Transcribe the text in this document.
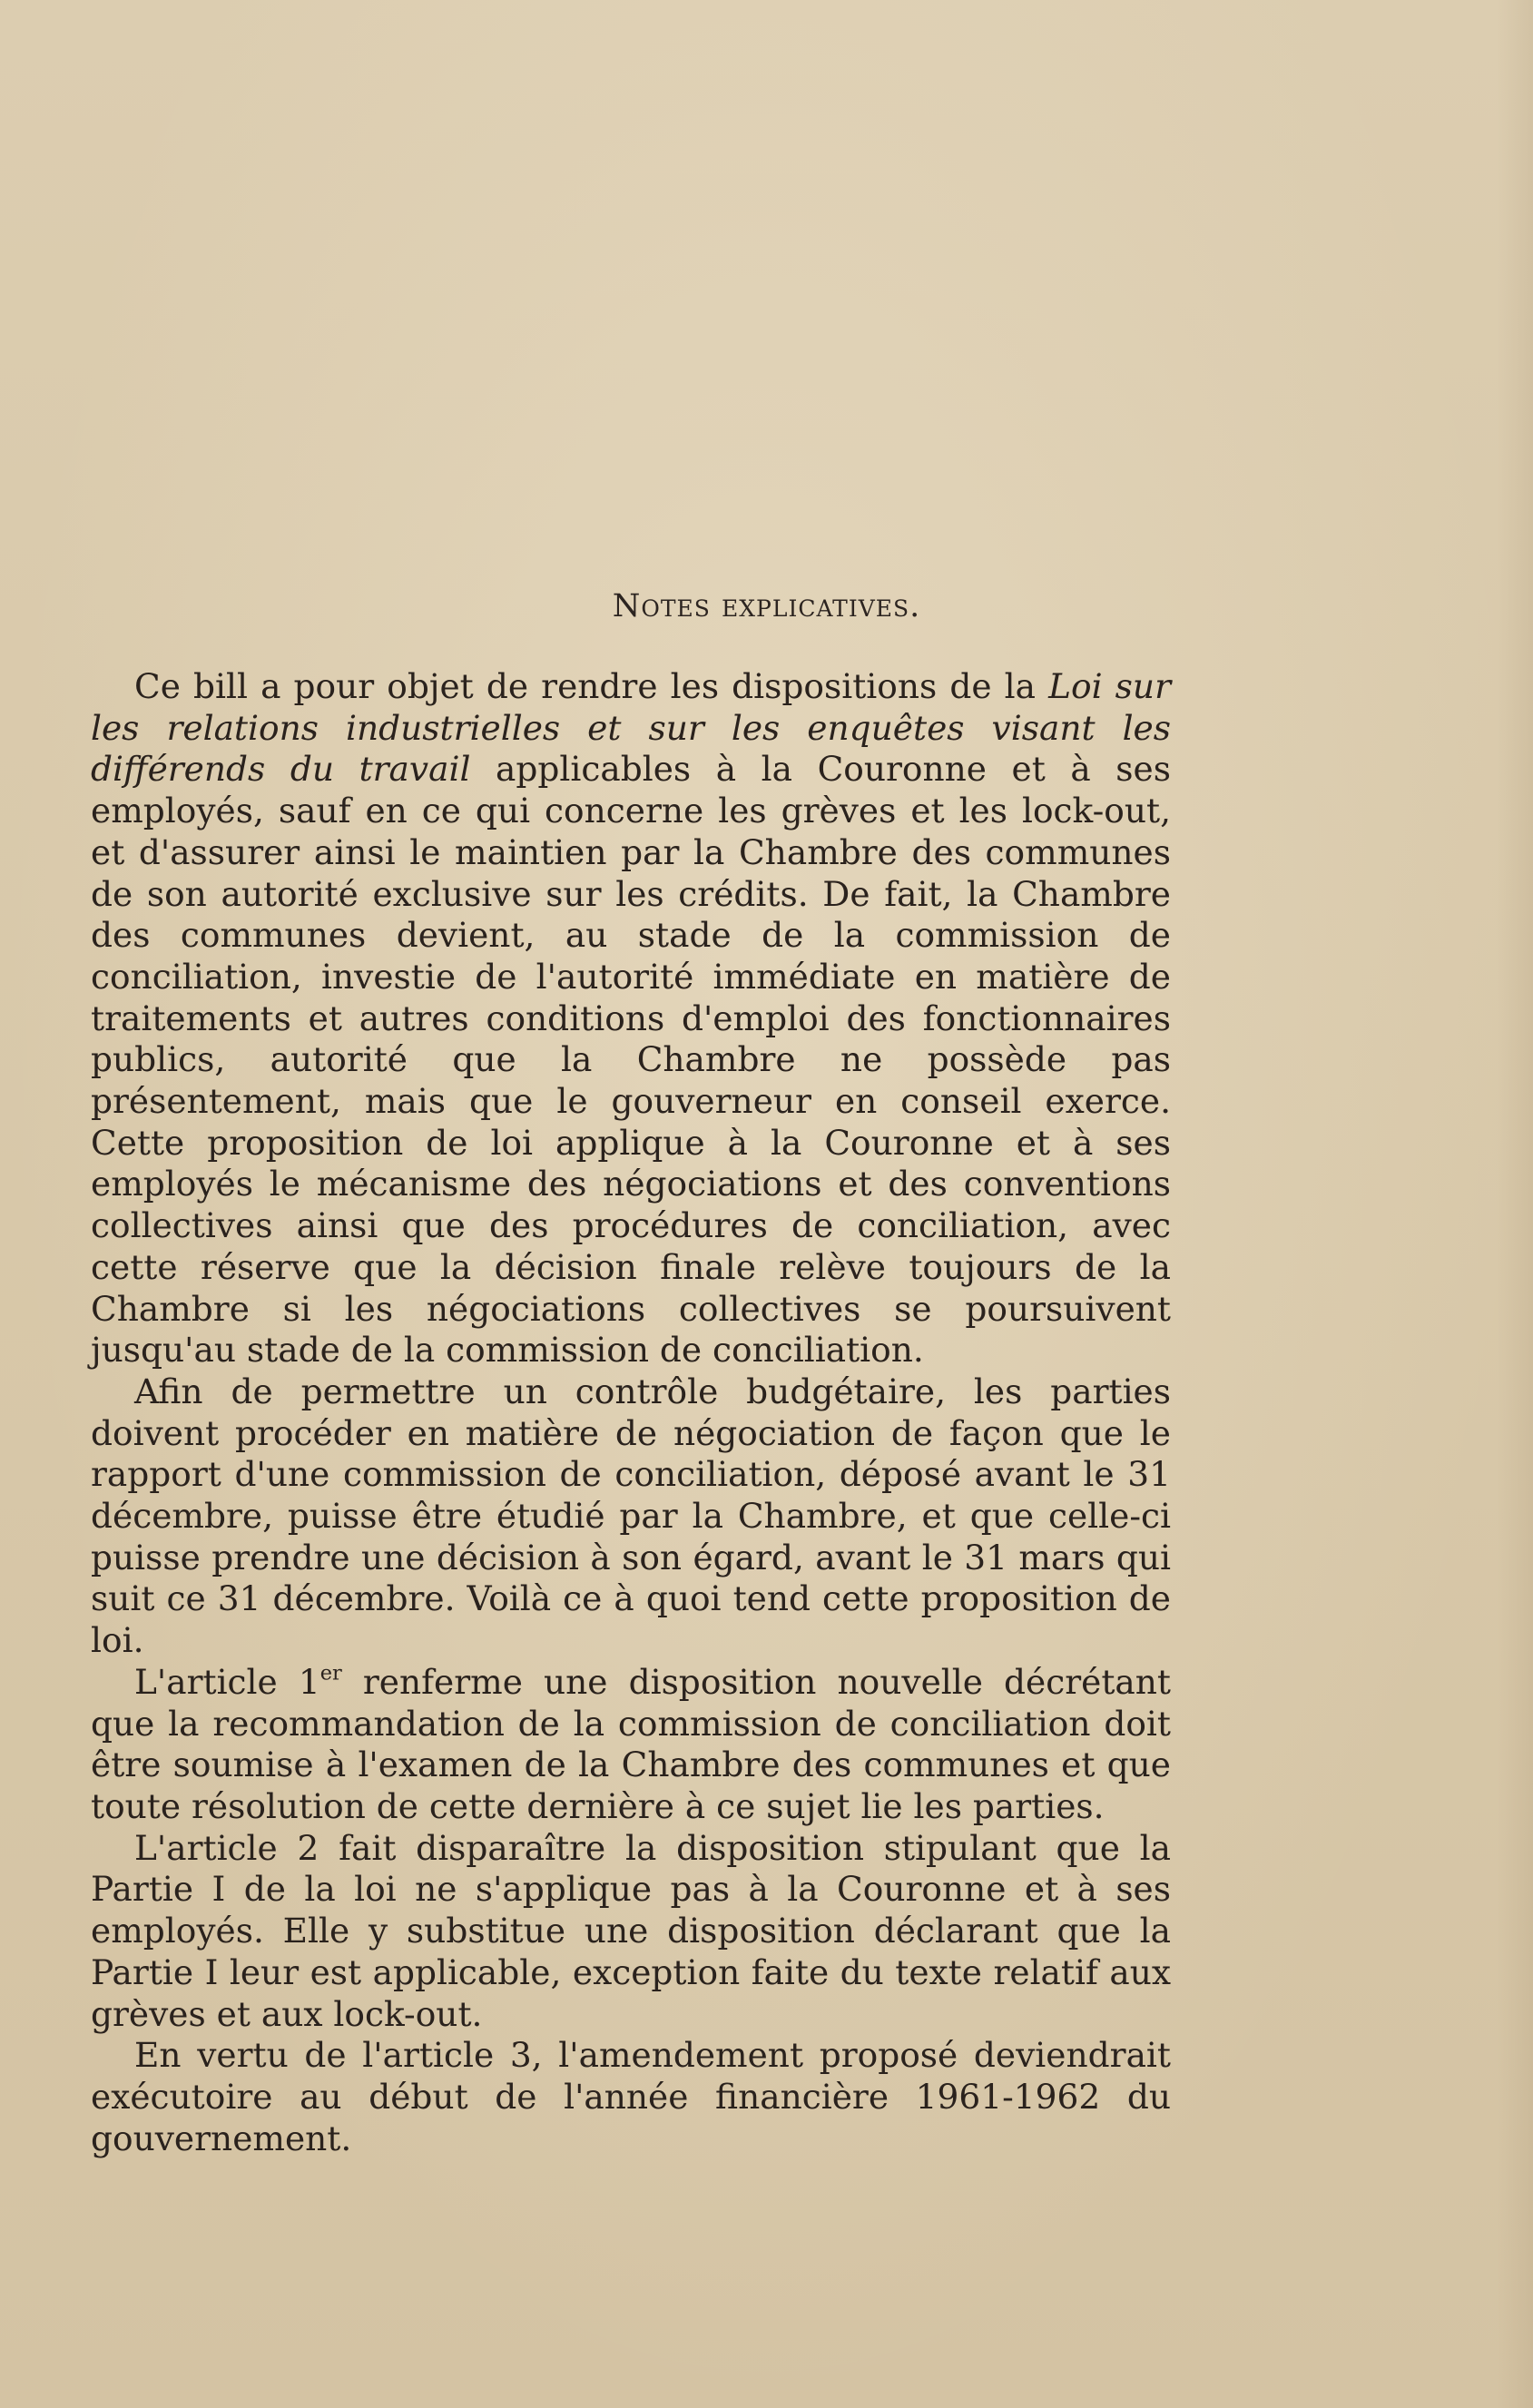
Notes explicatives.

Ce bill a pour objet de rendre les dispositions de la Loi sur les relations industrielles et sur les enquêtes visant les différends du travail applicables à la Couronne et à ses employés, sauf en ce qui concerne les grèves et les lock-out, et d'assurer ainsi le maintien par la Chambre des communes de son autorité exclusive sur les crédits. De fait, la Chambre des communes devient, au stade de la commission de conciliation, investie de l'autorité immédiate en matière de traitements et autres conditions d'emploi des fonctionnaires publics, autorité que la Chambre ne possède pas présentement, mais que le gouverneur en conseil exerce. Cette proposition de loi applique à la Couronne et à ses employés le mécanisme des négociations et des conventions collectives ainsi que des procédures de conciliation, avec cette réserve que la décision finale relève toujours de la Chambre si les négociations collectives se poursuivent jusqu'au stade de la commission de conciliation.

Afin de permettre un contrôle budgétaire, les parties doivent procéder en matière de négociation de façon que le rapport d'une commission de conciliation, déposé avant le 31 décembre, puisse être étudié par la Chambre, et que celle-ci puisse prendre une décision à son égard, avant le 31 mars qui suit ce 31 décembre. Voilà ce à quoi tend cette proposition de loi.

L'article 1er renferme une disposition nouvelle décrétant que la recommandation de la commission de conciliation doit être soumise à l'examen de la Chambre des communes et que toute résolution de cette dernière à ce sujet lie les parties.

L'article 2 fait disparaître la disposition stipulant que la Partie I de la loi ne s'applique pas à la Couronne et à ses employés. Elle y substitue une disposition déclarant que la Partie I leur est applicable, exception faite du texte relatif aux grèves et aux lock-out.

En vertu de l'article 3, l'amendement proposé deviendrait exécutoire au début de l'année financière 1961-1962 du gouvernement.
